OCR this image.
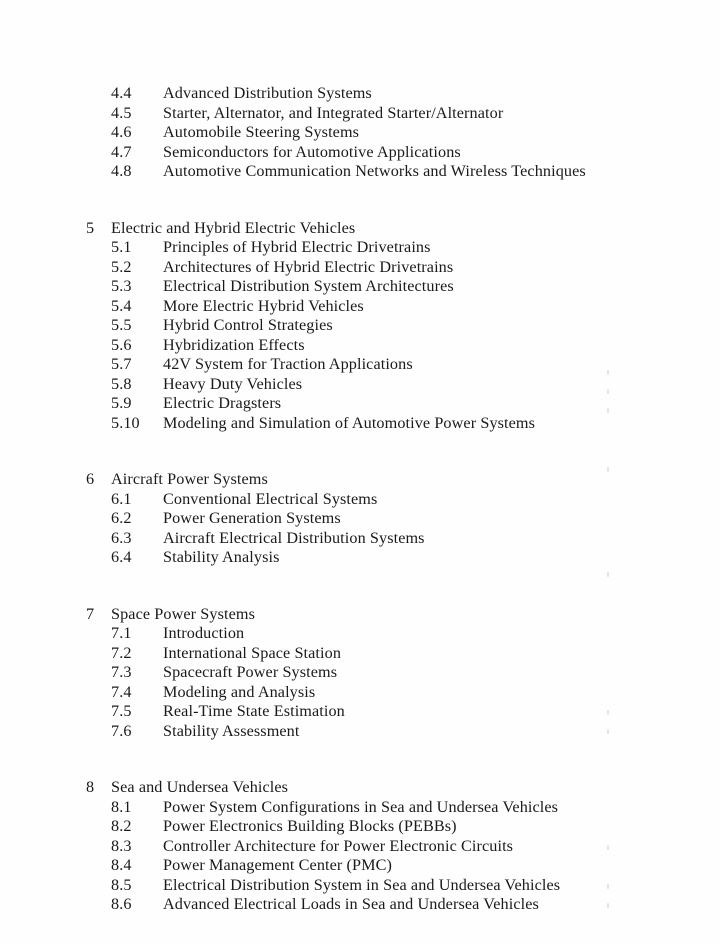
4.4	Advanced Distribution Systems
4.5	Starter, Alternator, and Integrated Starter/Alternator
4.6	Automobile Steering Systems
4.7	Semiconductors for Automotive Applications
4.8	Automotive Communication Networks and Wireless Techniques
5	Electric and Hybrid Electric Vehicles
5.1	Principles of Hybrid Electric Drivetrains
5.2	Architectures of Hybrid Electric Drivetrains
5.3	Electrical Distribution System Architectures
5.4	More Electric Hybrid Vehicles
5.5	Hybrid Control Strategies
5.6	Hybridization Effects
5.7	42V System for Traction Applications
5.8	Heavy Duty Vehicles
5.9	Electric Dragsters
5.10	Modeling and Simulation of Automotive Power Systems
6	Aircraft Power Systems
6.1	Conventional Electrical Systems
6.2	Power Generation Systems
6.3	Aircraft Electrical Distribution Systems
6.4	Stability Analysis
7	Space Power Systems
7.1	Introduction
7.2	International Space Station
7.3	Spacecraft Power Systems
7.4	Modeling and Analysis
7.5	Real-Time State Estimation
7.6	Stability Assessment
8	Sea and Undersea Vehicles
8.1	Power System Configurations in Sea and Undersea Vehicles
8.2	Power Electronics Building Blocks (PEBBs)
8.3	Controller Architecture for Power Electronic Circuits
8.4	Power Management Center (PMC)
8.5	Electrical Distribution System in Sea and Undersea Vehicles
8.6	Advanced Electrical Loads in Sea and Undersea Vehicles
